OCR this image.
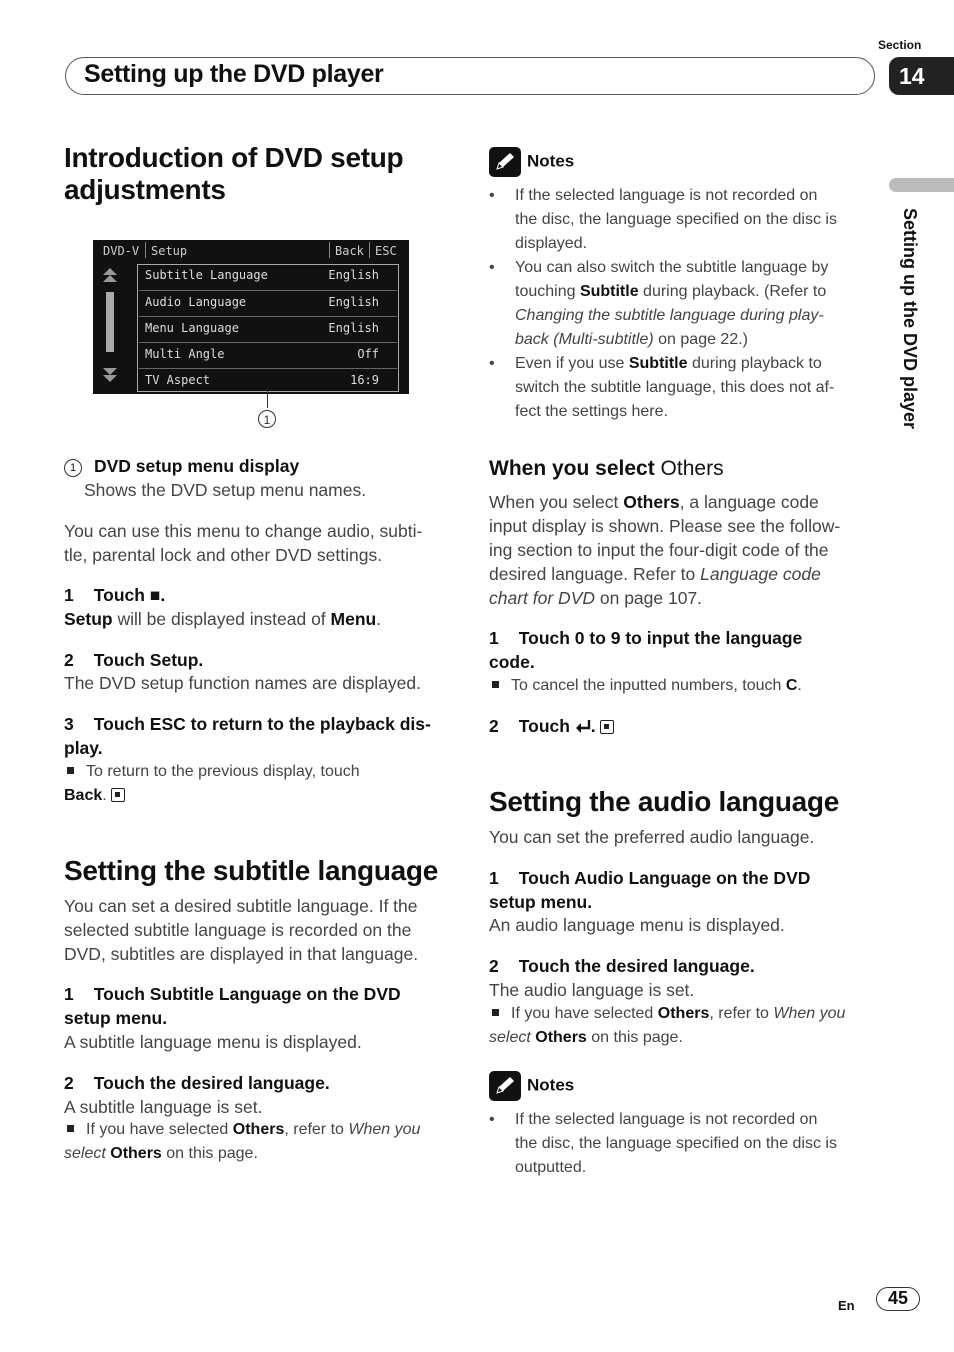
Section
Setting up the DVD player	14
Setting up the DVD player
Introduction of DVD setup adjustments
DVD-V Setup	Back ESC
Subtitle Language	English
Audio Language	English
Menu Language	English
Multi Angle	Off
TV Aspect	16:9
1
1 DVD setup menu display
Shows the DVD setup menu names.
You can use this menu to change audio, subti-
tle, parental lock and other DVD settings.
1 Touch ■.
Setup will be displayed instead of Menu.
2 Touch Setup.
The DVD setup function names are displayed.
3 Touch ESC to return to the playback dis-
play.
To return to the previous display, touch
Back.
Setting the subtitle language
You can set a desired subtitle language. If the
selected subtitle language is recorded on the
DVD, subtitles are displayed in that language.
1 Touch Subtitle Language on the DVD
setup menu.
A subtitle language menu is displayed.
2 Touch the desired language.
A subtitle language is set.
If you have selected Others, refer to When you
select Others on this page.
Notes
• If the selected language is not recorded on
the disc, the language specified on the disc is
displayed.
• You can also switch the subtitle language by
touching Subtitle during playback. (Refer to
Changing the subtitle language during play-
back (Multi-subtitle) on page 22.)
• Even if you use Subtitle during playback to
switch the subtitle language, this does not af-
fect the settings here.
When you select Others
When you select Others, a language code
input display is shown. Please see the follow-
ing section to input the four-digit code of the
desired language. Refer to Language code
chart for DVD on page 107.
1 Touch 0 to 9 to input the language
code.
To cancel the inputted numbers, touch C.
2 Touch .
Setting the audio language
You can set the preferred audio language.
1 Touch Audio Language on the DVD
setup menu.
An audio language menu is displayed.
2 Touch the desired language.
The audio language is set.
If you have selected Others, refer to When you
select Others on this page.
Notes
• If the selected language is not recorded on
the disc, the language specified on the disc is
outputted.
En	45
